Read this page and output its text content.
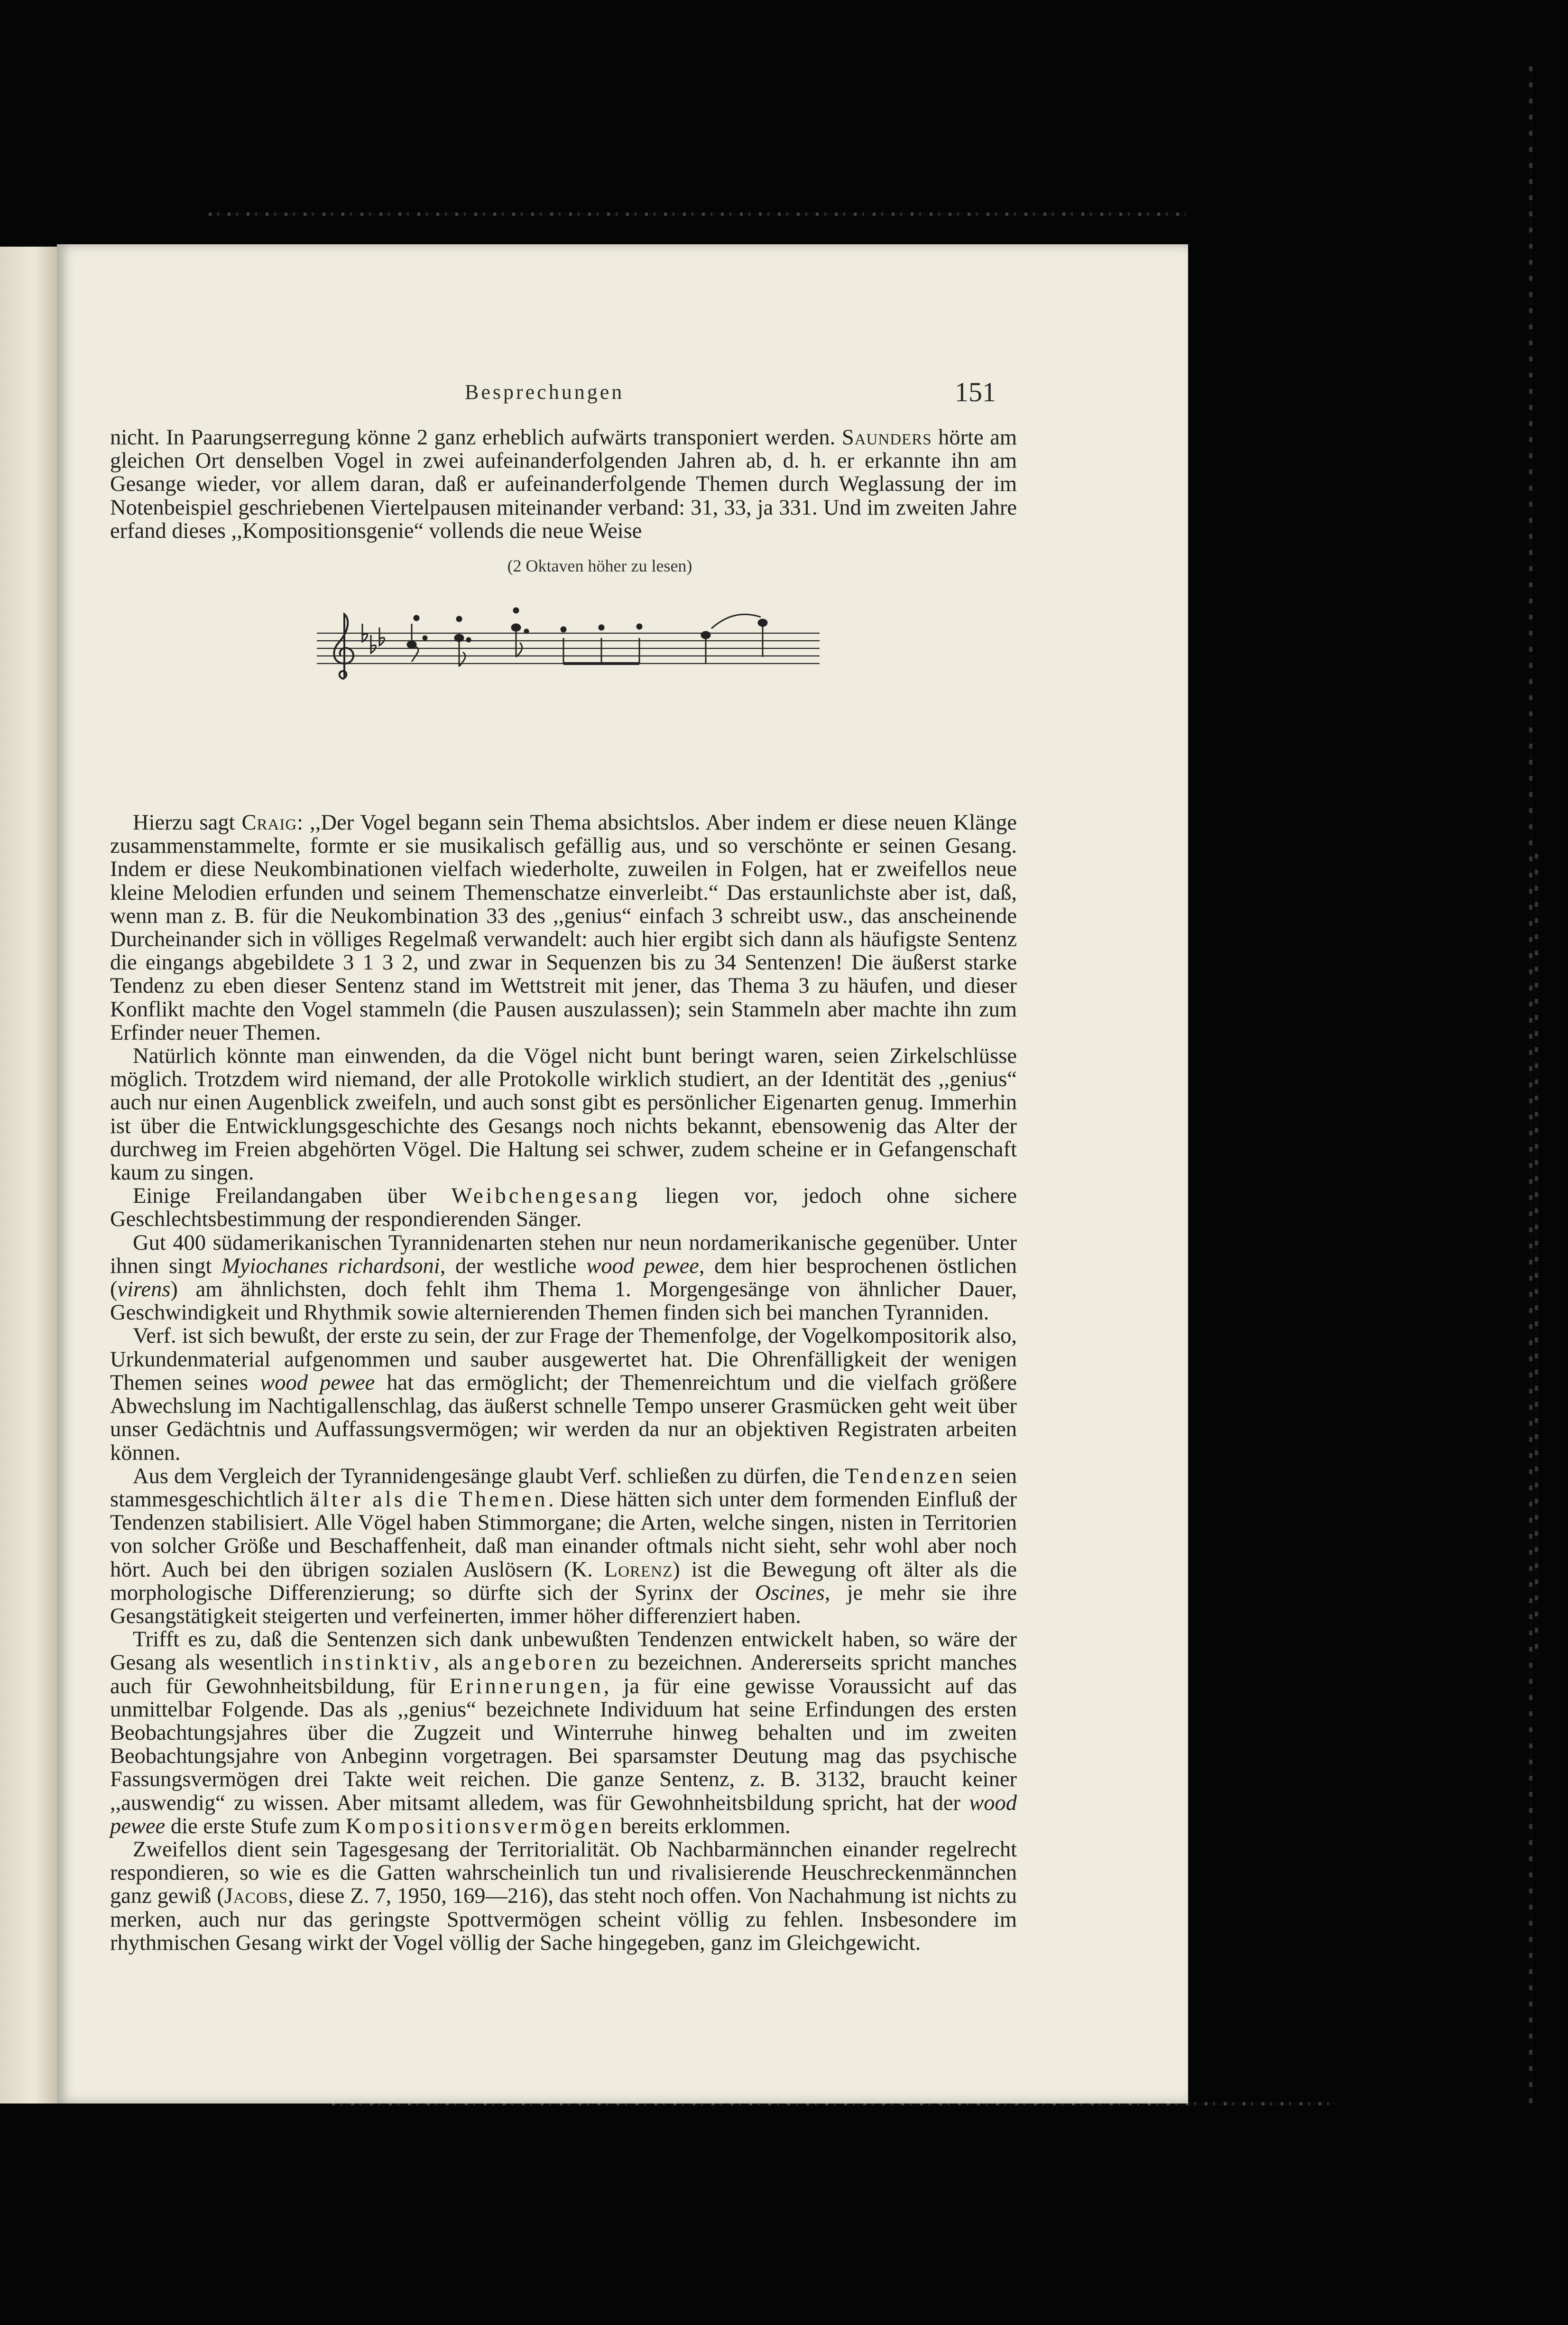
Besprechungen	151
(2 Oktaven höher zu lesen)

nicht. In Paarungserregung könne 2 ganz erheblich aufwärts transponiert werden. Saunders hörte am gleichen Ort denselben Vogel in zwei aufeinanderfolgenden Jahren ab, d. h. er erkannte ihn am Gesange wieder, vor allem daran, daß er aufeinanderfolgende Themen durch Weglassung der im Notenbeispiel geschriebenen Viertelpausen miteinander verband: 31, 33, ja 331. Und im zweiten Jahre erfand dieses ,,Kompositionsgenie“ vollends die neue Weise

Hierzu sagt Craig: ,,Der Vogel begann sein Thema absichtslos. Aber indem er diese neuen Klänge zusammenstammelte, formte er sie musikalisch gefällig aus, und so verschönte er seinen Gesang. Indem er diese Neukombinationen vielfach wiederholte, zuweilen in Folgen, hat er zweifellos neue kleine Melodien erfunden und seinem Themenschatze einverleibt.“ Das erstaunlichste aber ist, daß, wenn man z. B. für die Neukombination 33 des ,,genius“ einfach 3 schreibt usw., das anscheinende Durcheinander sich in völliges Regelmaß verwandelt: auch hier ergibt sich dann als häufigste Sentenz die eingangs abgebildete 3 1 3 2, und zwar in Sequenzen bis zu 34 Sentenzen! Die äußerst starke Tendenz zu eben dieser Sentenz stand im Wettstreit mit jener, das Thema 3 zu häufen, und dieser Konflikt machte den Vogel stammeln (die Pausen auszulassen); sein Stammeln aber machte ihn zum Erfinder neuer Themen.

Natürlich könnte man einwenden, da die Vögel nicht bunt beringt waren, seien Zirkelschlüsse möglich. Trotzdem wird niemand, der alle Protokolle wirklich studiert, an der Identität des ,,genius“ auch nur einen Augenblick zweifeln, und auch sonst gibt es persönlicher Eigenarten genug. Immerhin ist über die Entwicklungsgeschichte des Gesangs noch nichts bekannt, ebensowenig das Alter der durchweg im Freien abgehörten Vögel. Die Haltung sei schwer, zudem scheine er in Gefangenschaft kaum zu singen.

Einige Freilandangaben über Weibchengesang liegen vor, jedoch ohne sichere Geschlechtsbestimmung der respondierenden Sänger.

Gut 400 südamerikanischen Tyrannidenarten stehen nur neun nordamerikanische gegenüber. Unter ihnen singt Myiochanes richardsoni, der westliche wood pewee, dem hier besprochenen östlichen (virens) am ähnlichsten, doch fehlt ihm Thema 1. Morgengesänge von ähnlicher Dauer, Geschwindigkeit und Rhythmik sowie alternierenden Themen finden sich bei manchen Tyranniden.

Verf. ist sich bewußt, der erste zu sein, der zur Frage der Themenfolge, der Vogelkompositorik also, Urkundenmaterial aufgenommen und sauber ausgewertet hat. Die Ohrenfälligkeit der wenigen Themen seines wood pewee hat das ermöglicht; der Themenreichtum und die vielfach größere Abwechslung im Nachtigallenschlag, das äußerst schnelle Tempo unserer Grasmücken geht weit über unser Gedächtnis und Auffassungsvermögen; wir werden da nur an objektiven Registraten arbeiten können.

Aus dem Vergleich der Tyrannidengesänge glaubt Verf. schließen zu dürfen, die Tendenzen seien stammesgeschichtlich älter als die Themen. Diese hätten sich unter dem formenden Einfluß der Tendenzen stabilisiert. Alle Vögel haben Stimmorgane; die Arten, welche singen, nisten in Territorien von solcher Größe und Beschaffenheit, daß man einander oftmals nicht sieht, sehr wohl aber noch hört. Auch bei den übrigen sozialen Auslösern (K. Lorenz) ist die Bewegung oft älter als die morphologische Differenzierung; so dürfte sich der Syrinx der Oscines, je mehr sie ihre Gesangstätigkeit steigerten und verfeinerten, immer höher differenziert haben.

Trifft es zu, daß die Sentenzen sich dank unbewußten Tendenzen entwickelt haben, so wäre der Gesang als wesentlich instinktiv, als angeboren zu bezeichnen. Andererseits spricht manches auch für Gewohnheitsbildung, für Erinnerungen, ja für eine gewisse Voraussicht auf das unmittelbar Folgende. Das als ,,genius“ bezeichnete Individuum hat seine Erfindungen des ersten Beobachtungsjahres über die Zugzeit und Winterruhe hinweg behalten und im zweiten Beobachtungsjahre von Anbeginn vorgetragen. Bei sparsamster Deutung mag das psychische Fassungsvermögen drei Takte weit reichen. Die ganze Sentenz, z. B. 3132, braucht keiner ,,auswendig“ zu wissen. Aber mitsamt alledem, was für Gewohnheitsbildung spricht, hat der wood pewee die erste Stufe zum Kompositionsvermögen bereits erklommen.

Zweifellos dient sein Tagesgesang der Territorialität. Ob Nachbarmännchen einander regelrecht respondieren, so wie es die Gatten wahrscheinlich tun und rivalisierende Heuschreckenmännchen ganz gewiß (Jacobs, diese Z. 7, 1950, 169—216), das steht noch offen. Von Nachahmung ist nichts zu merken, auch nur das geringste Spottvermögen scheint völlig zu fehlen. Insbesondere im rhythmischen Gesang wirkt der Vogel völlig der Sache hingegeben, ganz im Gleichgewicht.
